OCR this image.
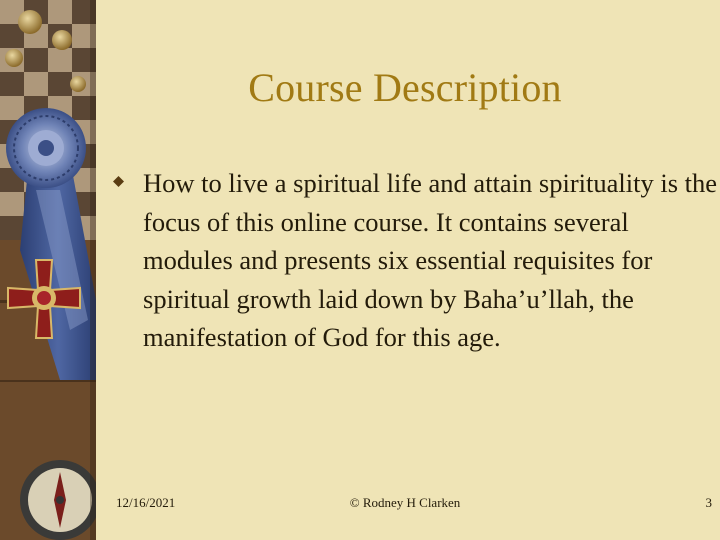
Course Description

How to live a spiritual life and attain spirituality is the focus of this online course. It contains several modules and presents six essential requisites for spiritual growth laid down by Baha’u’llah, the manifestation of God for this age.

12/16/2021	© Rodney H Clarken	3
